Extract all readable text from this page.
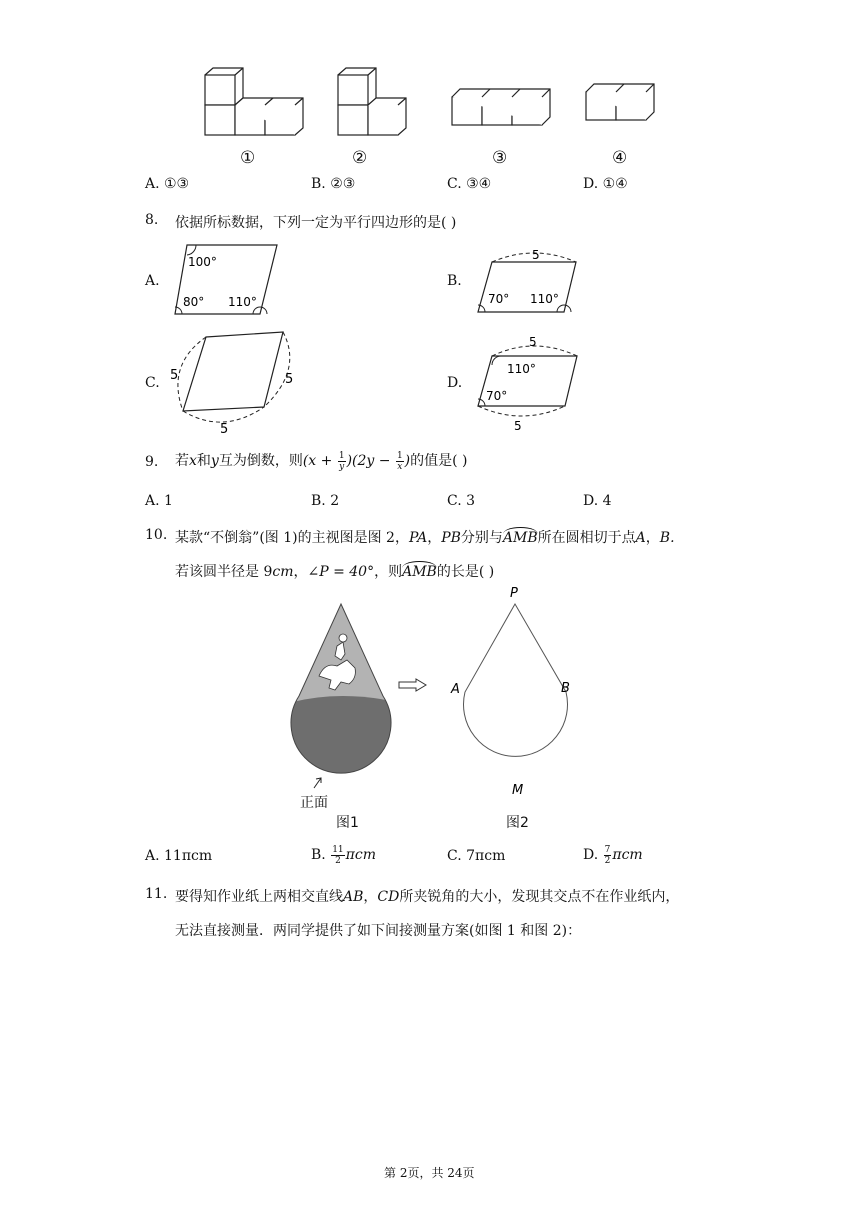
①	②	③	④
A. ①③	B. ②③	C. ③④	D. ①④
8. 依据所标数据，下列一定为平行四边形的是( )
A.
100°
80° 110°
B.
5
70° 110°
C. 5	5
5
D.
5
110°
70°
5
9. 若x和y互为倒数，则$(x + \frac{1}{y} )(2y - \frac{1}{x}$ )的值是( )
A. 1	B. 2	C. 3	D. 4
10. 某款“不倒翁”(图 1)的主视图是图 2，PA，PB分别与AMB所在圆相切于点A，B.
若该圆半径是 9cm，∠P = 40°，则AMB的长是( )
正面
图1
P
A	B
M
图2
A. 11πcm	B. $\frac{11}{2}$ πcm	C. 7πcm	D. $\frac{7}{2}$ πcm
11. 要得知作业纸上两相交直线AB，CD所夹锐角的大小，发现其交点不在作业纸内，
无法直接测量．两同学提供了如下间接测量方案(如图 1 和图 2)：
第 2页，共 24页
